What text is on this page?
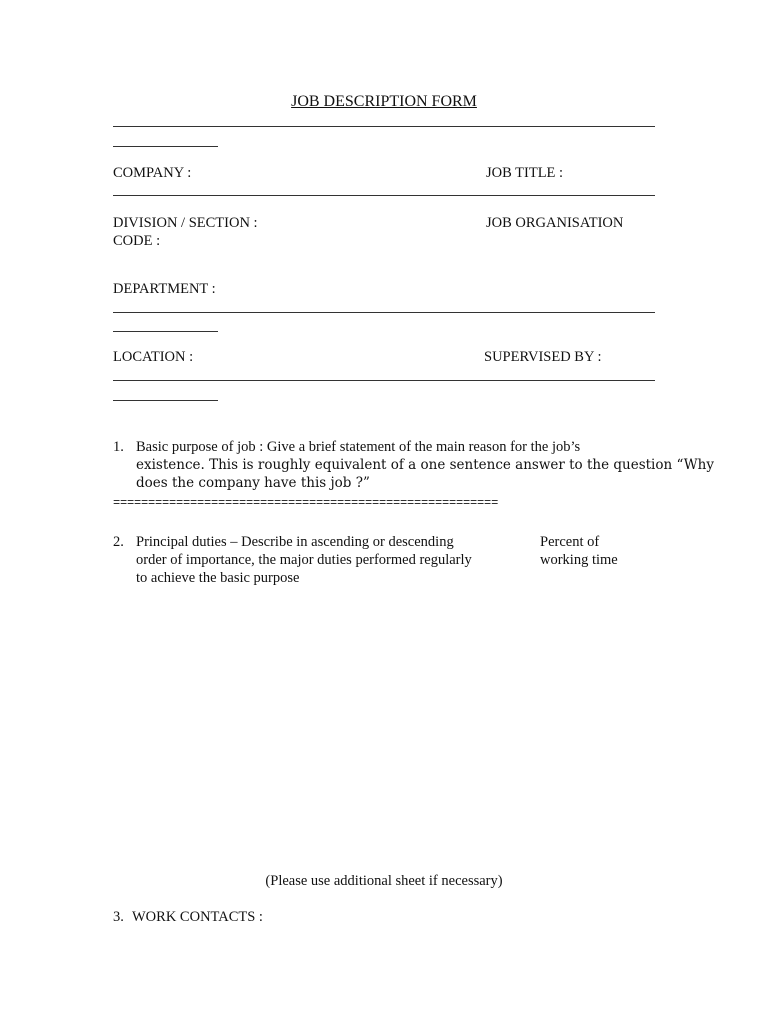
JOB DESCRIPTION FORM
COMPANY :	JOB TITLE :
DIVISION / SECTION :	JOB ORGANISATION
CODE :
DEPARTMENT :
LOCATION :	SUPERVISED BY :
1. Basic purpose of job : Give a brief statement of the main reason for the job’s
existence. This is roughly equivalent of a one sentence answer to the question “Why
does the company have this job ?”
=======================================================
2. Principal duties – Describe in ascending or descending
order of importance, the major duties performed regularly
to achieve the basic purpose
Percent of
working time
(Please use additional sheet if necessary)
3. WORK CONTACTS :
